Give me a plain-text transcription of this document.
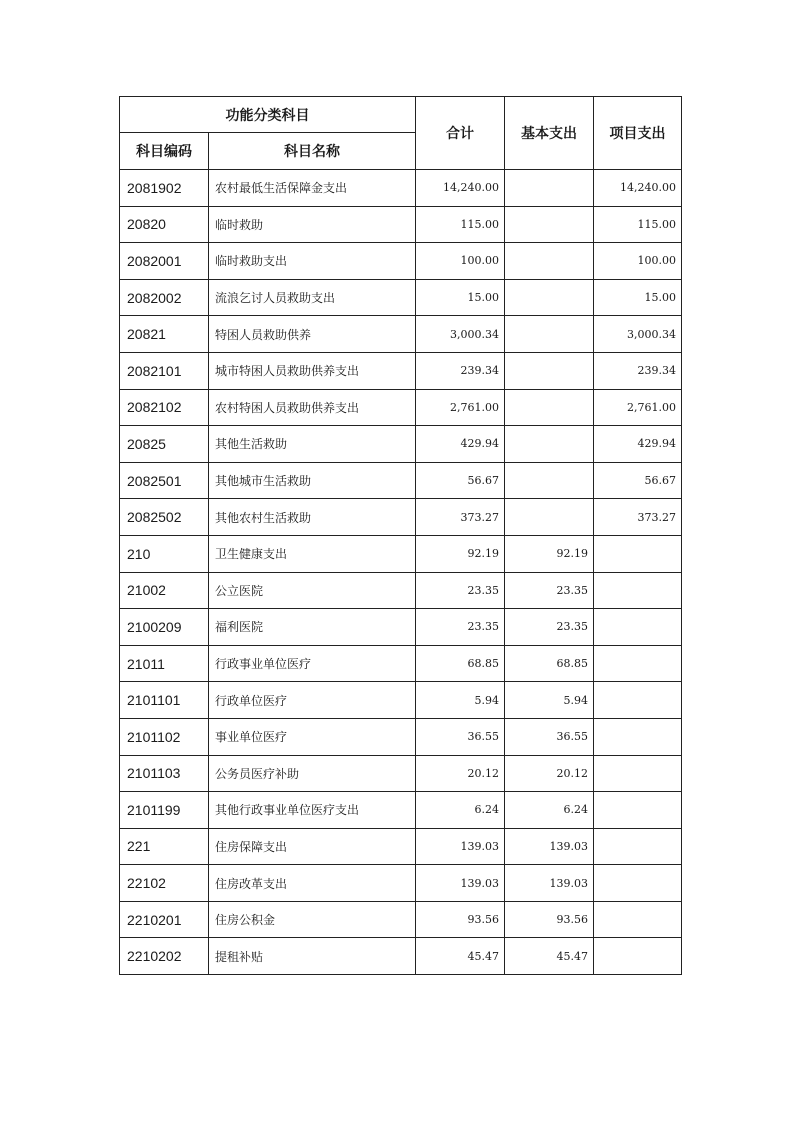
功能分类科目		合计	基本支出	项目支出
科目编码	科目名称			
2081902	农村最低生活保障金支出	14,240.00		14,240.00
20820	临时救助	115.00		115.00
2082001	临时救助支出	100.00		100.00
2082002	流浪乞讨人员救助支出	15.00		15.00
20821	特困人员救助供养	3,000.34		3,000.34
2082101	城市特困人员救助供养支出	239.34		239.34
2082102	农村特困人员救助供养支出	2,761.00		2,761.00
20825	其他生活救助	429.94		429.94
2082501	其他城市生活救助	56.67		56.67
2082502	其他农村生活救助	373.27		373.27
210	卫生健康支出	92.19	92.19	
21002	公立医院	23.35	23.35	
2100209	福利医院	23.35	23.35	
21011	行政事业单位医疗	68.85	68.85	
2101101	行政单位医疗	5.94	5.94	
2101102	事业单位医疗	36.55	36.55	
2101103	公务员医疗补助	20.12	20.12	
2101199	其他行政事业单位医疗支出	6.24	6.24	
221	住房保障支出	139.03	139.03	
22102	住房改革支出	139.03	139.03	
2210201	住房公积金	93.56	93.56	
2210202	提租补贴	45.47	45.47	
